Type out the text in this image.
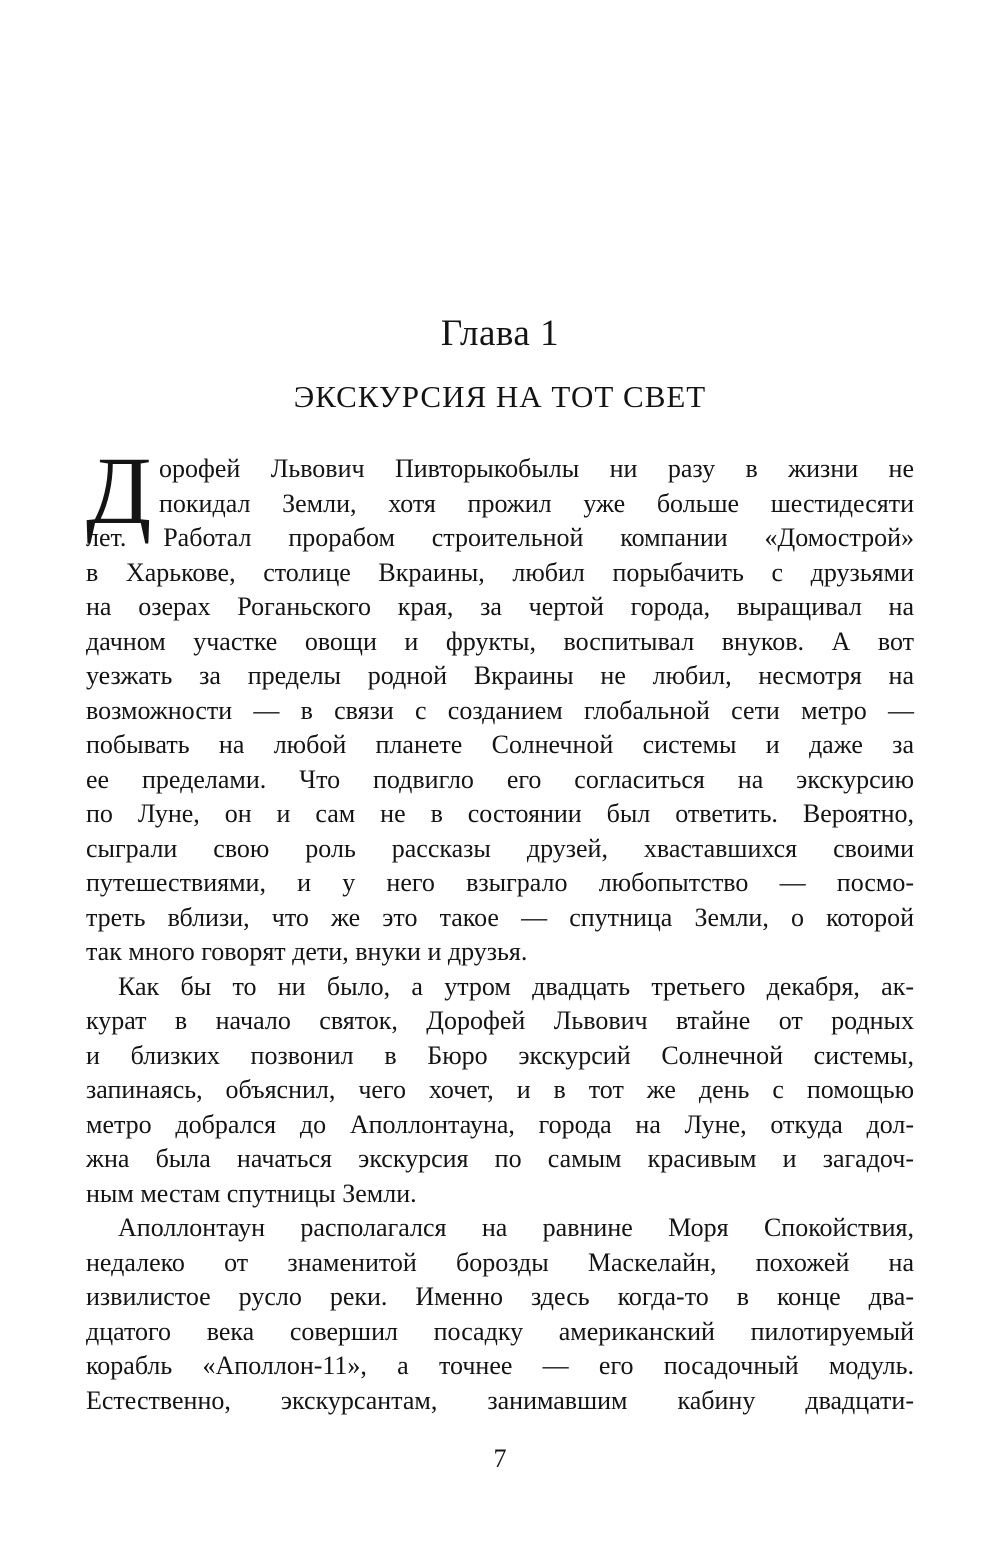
Глава 1
ЭКСКУРСИЯ НА ТОТ СВЕТ
Д орофей Львович Пивторыкобылы ни разу в жизни не
покидал Земли, хотя прожил уже больше шестидесяти
лет. Работал прорабом строительной компании «Домострой»
в Харькове, столице Вкраины, любил порыбачить с друзьями
на озерах Роганьского края, за чертой города, выращивал на
дачном участке овощи и фрукты, воспитывал внуков. А вот
уезжать за пределы родной Вкраины не любил, несмотря на
возможности — в связи с созданием глобальной сети метро —
побывать на любой планете Солнечной системы и даже за
ее пределами. Что подвигло его согласиться на экскурсию
по Луне, он и сам не в состоянии был ответить. Вероятно,
сыграли свою роль рассказы друзей, хваставшихся своими
путешествиями, и у него взыграло любопытство — посмо-
треть вблизи, что же это такое — спутница Земли, о которой
так много говорят дети, внуки и друзья.
Как бы то ни было, а утром двадцать третьего декабря, ак-
курат в начало святок, Дорофей Львович втайне от родных
и близких позвонил в Бюро экскурсий Солнечной системы,
запинаясь, объяснил, чего хочет, и в тот же день с помощью
метро добрался до Аполлонтауна, города на Луне, откуда дол-
жна была начаться экскурсия по самым красивым и загадоч-
ным местам спутницы Земли.
Аполлонтаун располагался на равнине Моря Спокойствия,
недалеко от знаменитой борозды Маскелайн, похожей на
извилистое русло реки. Именно здесь когда-то в конце два-
дцатого века совершил посадку американский пилотируемый
корабль «Аполлон-11», а точнее — его посадочный модуль.
Естественно, экскурсантам, занимавшим кабину двадцати-
7
